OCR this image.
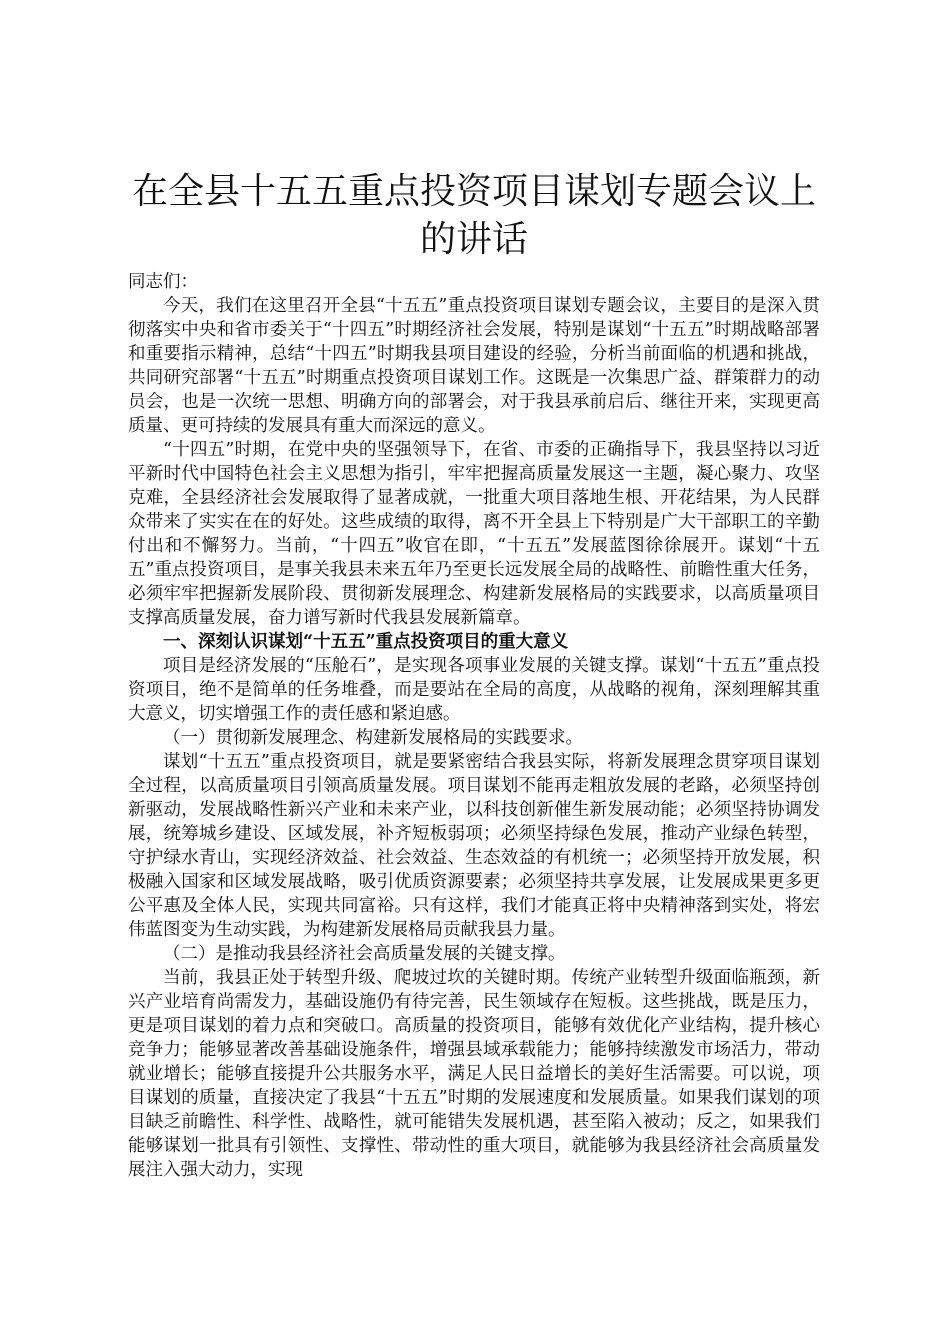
在全县十五五重点投资项目谋划专题会议上的讲话

同志们：

今天，我们在这里召开全县“十五五”重点投资项目谋划专题会议，主要目的是深入贯彻落实中央和省市委关于“十四五”时期经济社会发展，特别是谋划“十五五”时期战略部署和重要指示精神，总结“十四五”时期我县项目建设的经验，分析当前面临的机遇和挑战，共同研究部署“十五五”时期重点投资项目谋划工作。这既是一次集思广益、群策群力的动员会，也是一次统一思想、明确方向的部署会，对于我县承前启后、继往开来，实现更高质量、更可持续的发展具有重大而深远的意义。

“十四五”时期，在党中央的坚强领导下，在省、市委的正确指导下，我县坚持以习近平新时代中国特色社会主义思想为指引，牢牢把握高质量发展这一主题，凝心聚力、攻坚克难，全县经济社会发展取得了显著成就，一批重大项目落地生根、开花结果，为人民群众带来了实实在在的好处。这些成绩的取得，离不开全县上下特别是广大干部职工的辛勤付出和不懈努力。当前，“十四五”收官在即，“十五五”发展蓝图徐徐展开。谋划“十五五”重点投资项目，是事关我县未来五年乃至更长远发展全局的战略性、前瞻性重大任务，必须牢牢把握新发展阶段、贯彻新发展理念、构建新发展格局的实践要求，以高质量项目支撑高质量发展，奋力谱写新时代我县发展新篇章。

一、深刻认识谋划“十五五”重点投资项目的重大意义

项目是经济发展的“压舱石”，是实现各项事业发展的关键支撑。谋划“十五五”重点投资项目，绝不是简单的任务堆叠，而是要站在全局的高度，从战略的视角，深刻理解其重大意义，切实增强工作的责任感和紧迫感。

（一）贯彻新发展理念、构建新发展格局的实践要求。

谋划“十五五”重点投资项目，就是要紧密结合我县实际，将新发展理念贯穿项目谋划全过程，以高质量项目引领高质量发展。项目谋划不能再走粗放发展的老路，必须坚持创新驱动，发展战略性新兴产业和未来产业，以科技创新催生新发展动能；必须坚持协调发展，统筹城乡建设、区域发展，补齐短板弱项；必须坚持绿色发展，推动产业绿色转型，守护绿水青山，实现经济效益、社会效益、生态效益的有机统一；必须坚持开放发展，积极融入国家和区域发展战略，吸引优质资源要素；必须坚持共享发展，让发展成果更多更公平惠及全体人民，实现共同富裕。只有这样，我们才能真正将中央精神落到实处，将宏伟蓝图变为生动实践，为构建新发展格局贡献我县力量。

（二）是推动我县经济社会高质量发展的关键支撑。

当前，我县正处于转型升级、爬坡过坎的关键时期。传统产业转型升级面临瓶颈，新兴产业培育尚需发力，基础设施仍有待完善，民生领域存在短板。这些挑战，既是压力，更是项目谋划的着力点和突破口。高质量的投资项目，能够有效优化产业结构，提升核心竞争力；能够显著改善基础设施条件，增强县域承载能力；能够持续激发市场活力，带动就业增长；能够直接提升公共服务水平，满足人民日益增长的美好生活需要。可以说，项目谋划的质量，直接决定了我县“十五五”时期的发展速度和发展质量。如果我们谋划的项目缺乏前瞻性、科学性、战略性，就可能错失发展机遇，甚至陷入被动；反之，如果我们能够谋划一批具有引领性、支撑性、带动性的重大项目，就能够为我县经济社会高质量发展注入强大动力，实现
